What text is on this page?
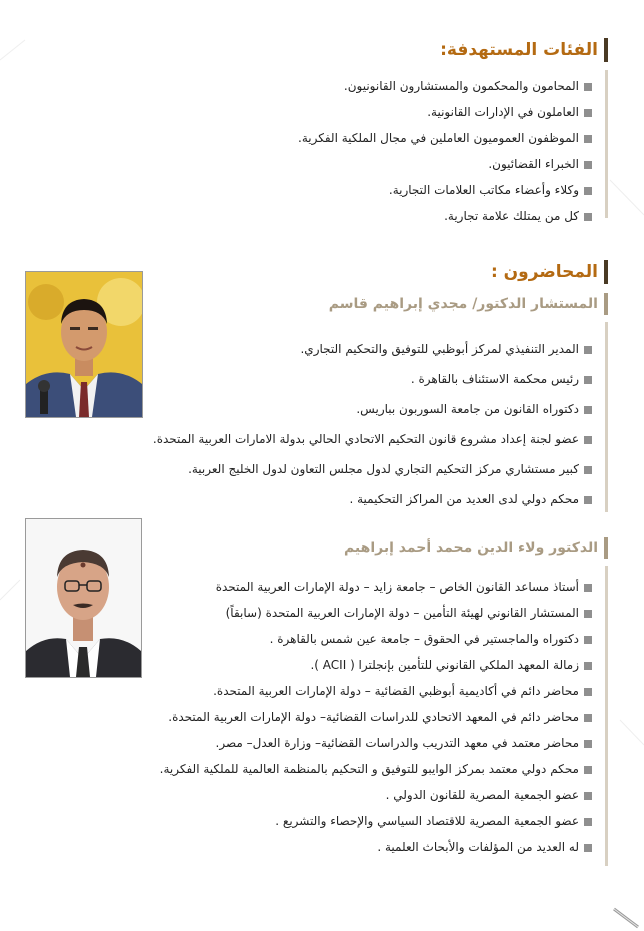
الفئات المستهدفة:
المحامون والمحكمون والمستشارون القانونيون.
العاملون في الإدارات القانونية.
الموظفون العموميون العاملين في مجال الملكية الفكرية.
الخبراء القضائيون.
وكلاء وأعضاء مكاتب العلامات التجارية.
كل من يمتلك علامة تجارية.
المحاضرون :
المستشار الدكتور/ مجدي إبراهيم قاسم
المدير التنفيذي لمركز أبوظبي للتوفيق والتحكيم التجاري.
رئيس محكمة الاستئناف بالقاهرة .
دكتوراه القانون من جامعة السوربون بباريس.
عضو لجنة إعداد مشروع قانون التحكيم الاتحادي الحالي بدولة الامارات العربية المتحدة.
كبير مستشاري مركز التحكيم التجاري لدول مجلس التعاون لدول الخليج العربية.
محكم دولي لدى العديد من المراكز التحكيمية .
الدكتور ولاء الدين محمد أحمد إبراهيم
أستاذ مساعد القانون الخاص – جامعة زايد – دولة الإمارات العربية المتحدة
المستشار القانوني لهيئة التأمين – دولة الإمارات العربية المتحدة (سابقاً)
دكتوراه والماجستير في الحقوق – جامعة عين شمس بالقاهرة .
زمالة المعهد الملكي القانوني للتأمين بإنجلترا ( ACII ).
محاضر دائم في أكاديمية أبوظبي القضائية – دولة الإمارات العربية المتحدة.
محاضر دائم في المعهد الاتحادي للدراسات القضائية– دولة الإمارات العربية المتحدة.
محاضر معتمد في معهد التدريب والدراسات القضائية– وزارة العدل– مصر.
محكم دولي معتمد بمركز الوايبو للتوفيق و التحكيم بالمنظمة العالمية للملكية الفكرية.
عضو الجمعية المصرية للقانون الدولي .
عضو الجمعية المصرية للاقتصاد السياسي والإحصاء والتشريع .
له العديد من المؤلفات والأبحاث العلمية .
